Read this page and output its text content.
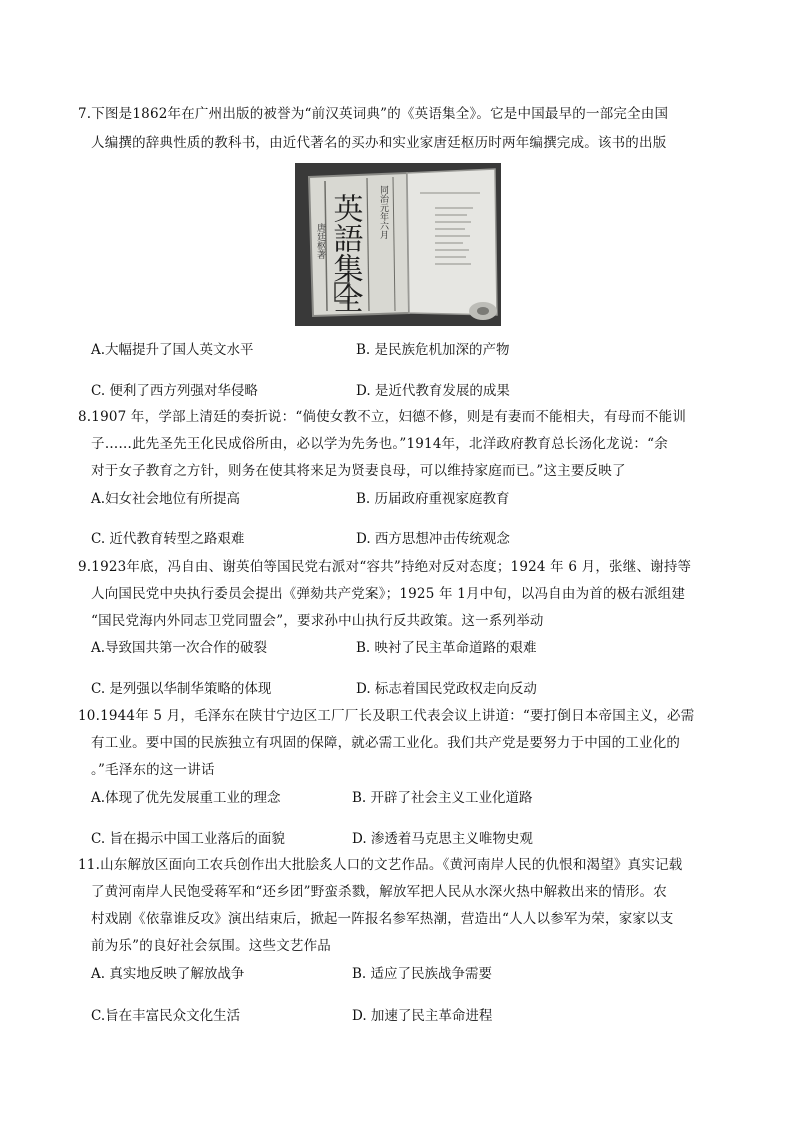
7.下图是1862年在广州出版的被誉为“前汉英词典”的《英语集全》。它是中国最早的一部完全由国
人编撰的辞典性质的教科书，由近代著名的买办和实业家唐廷枢历时两年编撰完成。该书的出版
英語集全 同治元年六月
唐廷枢著
A.大幅提升了国人英文水平	B. 是民族危机加深的产物
C. 便利了西方列强对华侵略	D. 是近代教育发展的成果
8.1907 年，学部上清廷的奏折说：“倘使女教不立，妇德不修，则是有妻而不能相夫，有母而不能训
子……此先圣先王化民成俗所由，必以学为先务也。”1914年，北洋政府教育总长汤化龙说：“余
对于女子教育之方针，则务在使其将来足为贤妻良母，可以维持家庭而已。”这主要反映了
A.妇女社会地位有所提高	B. 历届政府重视家庭教育
C. 近代教育转型之路艰难	D. 西方思想冲击传统观念
9.1923年底，冯自由、谢英伯等国民党右派对“容共”持绝对反对态度；1924 年 6 月，张继、谢持等
人向国民党中央执行委员会提出《弹劾共产党案》；1925 年 1月中旬，以冯自由为首的极右派组建
“国民党海内外同志卫党同盟会”，要求孙中山执行反共政策。这一系列举动
A.导致国共第一次合作的破裂	B. 映衬了民主革命道路的艰难
C. 是列强以华制华策略的体现	D. 标志着国民党政权走向反动
10.1944年 5 月，毛泽东在陕甘宁边区工厂厂长及职工代表会议上讲道：“要打倒日本帝国主义，必需
有工业。要中国的民族独立有巩固的保障，就必需工业化。我们共产党是要努力于中国的工业化的
。”毛泽东的这一讲话
A.体现了优先发展重工业的理念	B. 开辟了社会主义工业化道路
C. 旨在揭示中国工业落后的面貌	D. 渗透着马克思主义唯物史观
11.山东解放区面向工农兵创作出大批脍炙人口的文艺作品。《黄河南岸人民的仇恨和渴望》真实记载
了黄河南岸人民饱受蒋军和“还乡团”野蛮杀戮，解放军把人民从水深火热中解救出来的情形。农
村戏剧《依靠谁反攻》演出结束后，掀起一阵报名参军热潮，营造出“人人以参军为荣，家家以支
前为乐”的良好社会氛围。这些文艺作品
A. 真实地反映了解放战争	B. 适应了民族战争需要
C.旨在丰富民众文化生活	D. 加速了民主革命进程
